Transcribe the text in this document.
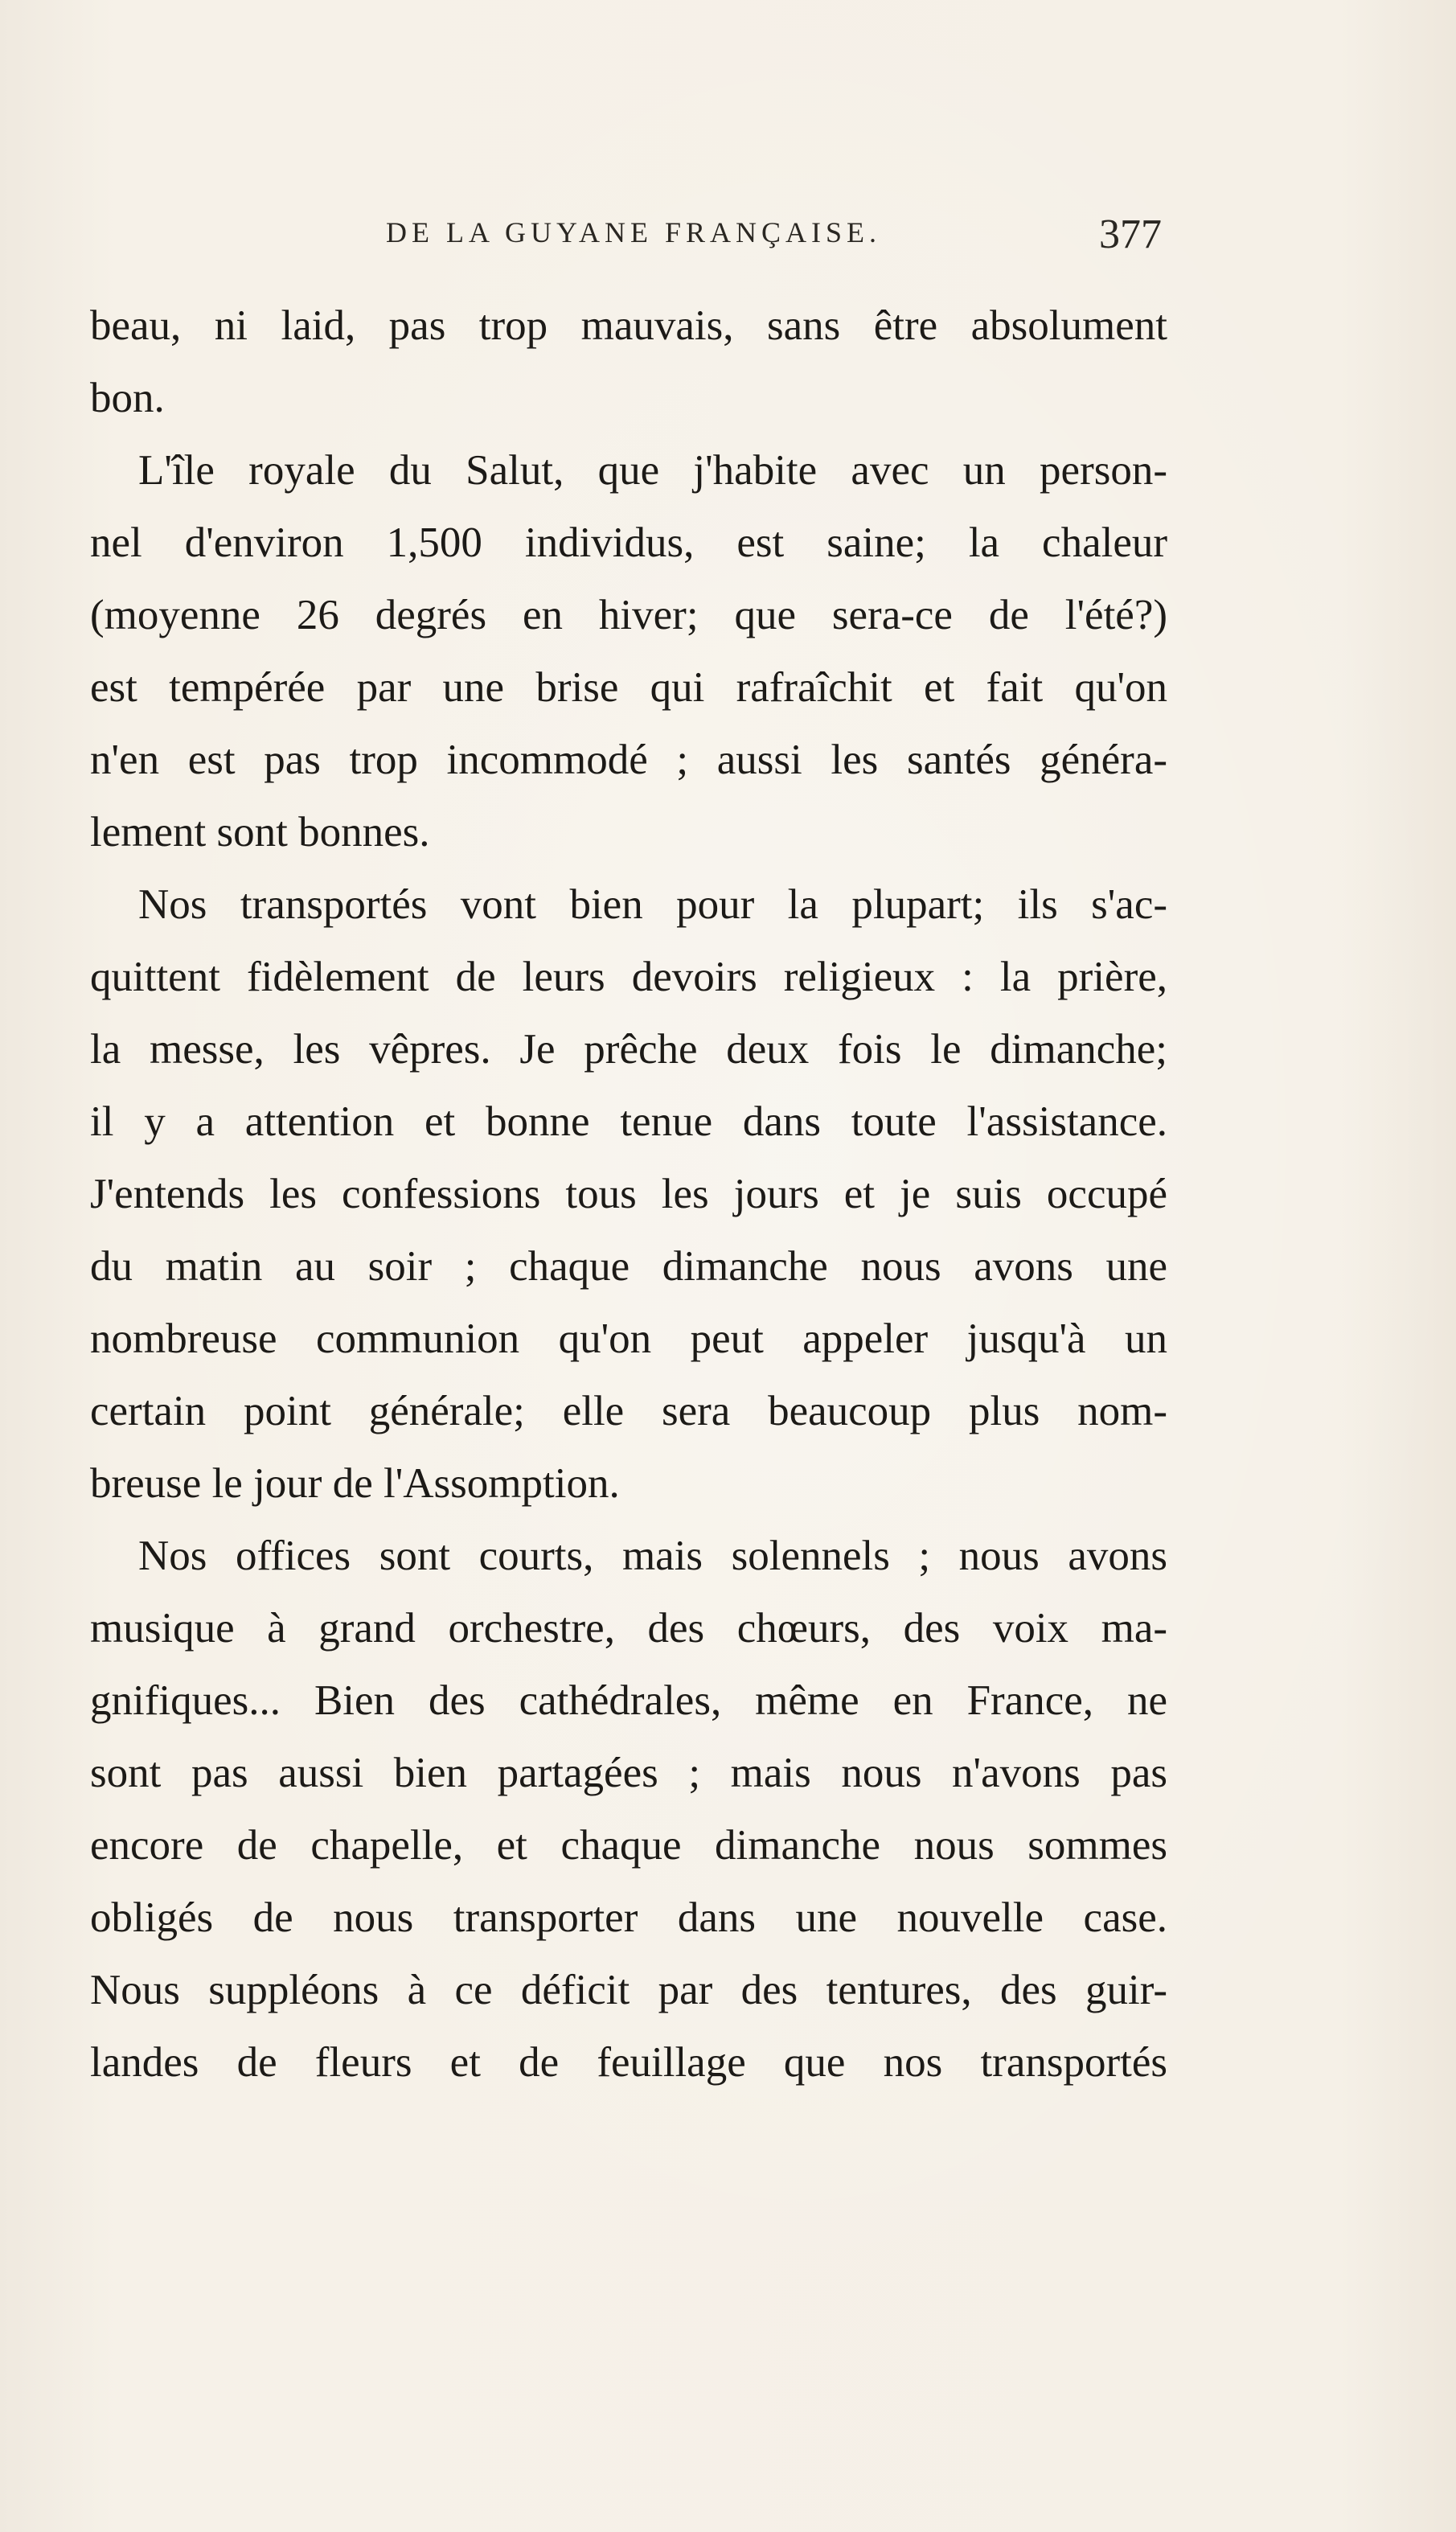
DE LA GUYANE FRANÇAISE.	377
beau, ni laid, pas trop mauvais, sans être absolument
bon.
L'île royale du Salut, que j'habite avec un person-
nel d'environ 1,500 individus, est saine; la chaleur
(moyenne 26 degrés en hiver; que sera-ce de l'été?)
est tempérée par une brise qui rafraîchit et fait qu'on
n'en est pas trop incommodé ; aussi les santés généra-
lement sont bonnes.
Nos transportés vont bien pour la plupart; ils s'ac-
quittent fidèlement de leurs devoirs religieux : la prière,
la messe, les vêpres. Je prêche deux fois le dimanche;
il y a attention et bonne tenue dans toute l'assistance.
J'entends les confessions tous les jours et je suis occupé
du matin au soir ; chaque dimanche nous avons une
nombreuse communion qu'on peut appeler jusqu'à un
certain point générale; elle sera beaucoup plus nom-
breuse le jour de l'Assomption.
Nos offices sont courts, mais solennels ; nous avons
musique à grand orchestre, des chœurs, des voix ma-
gnifiques... Bien des cathédrales, même en France, ne
sont pas aussi bien partagées ; mais nous n'avons pas
encore de chapelle, et chaque dimanche nous sommes
obligés de nous transporter dans une nouvelle case.
Nous suppléons à ce déficit par des tentures, des guir-
landes de fleurs et de feuillage que nos transportés
